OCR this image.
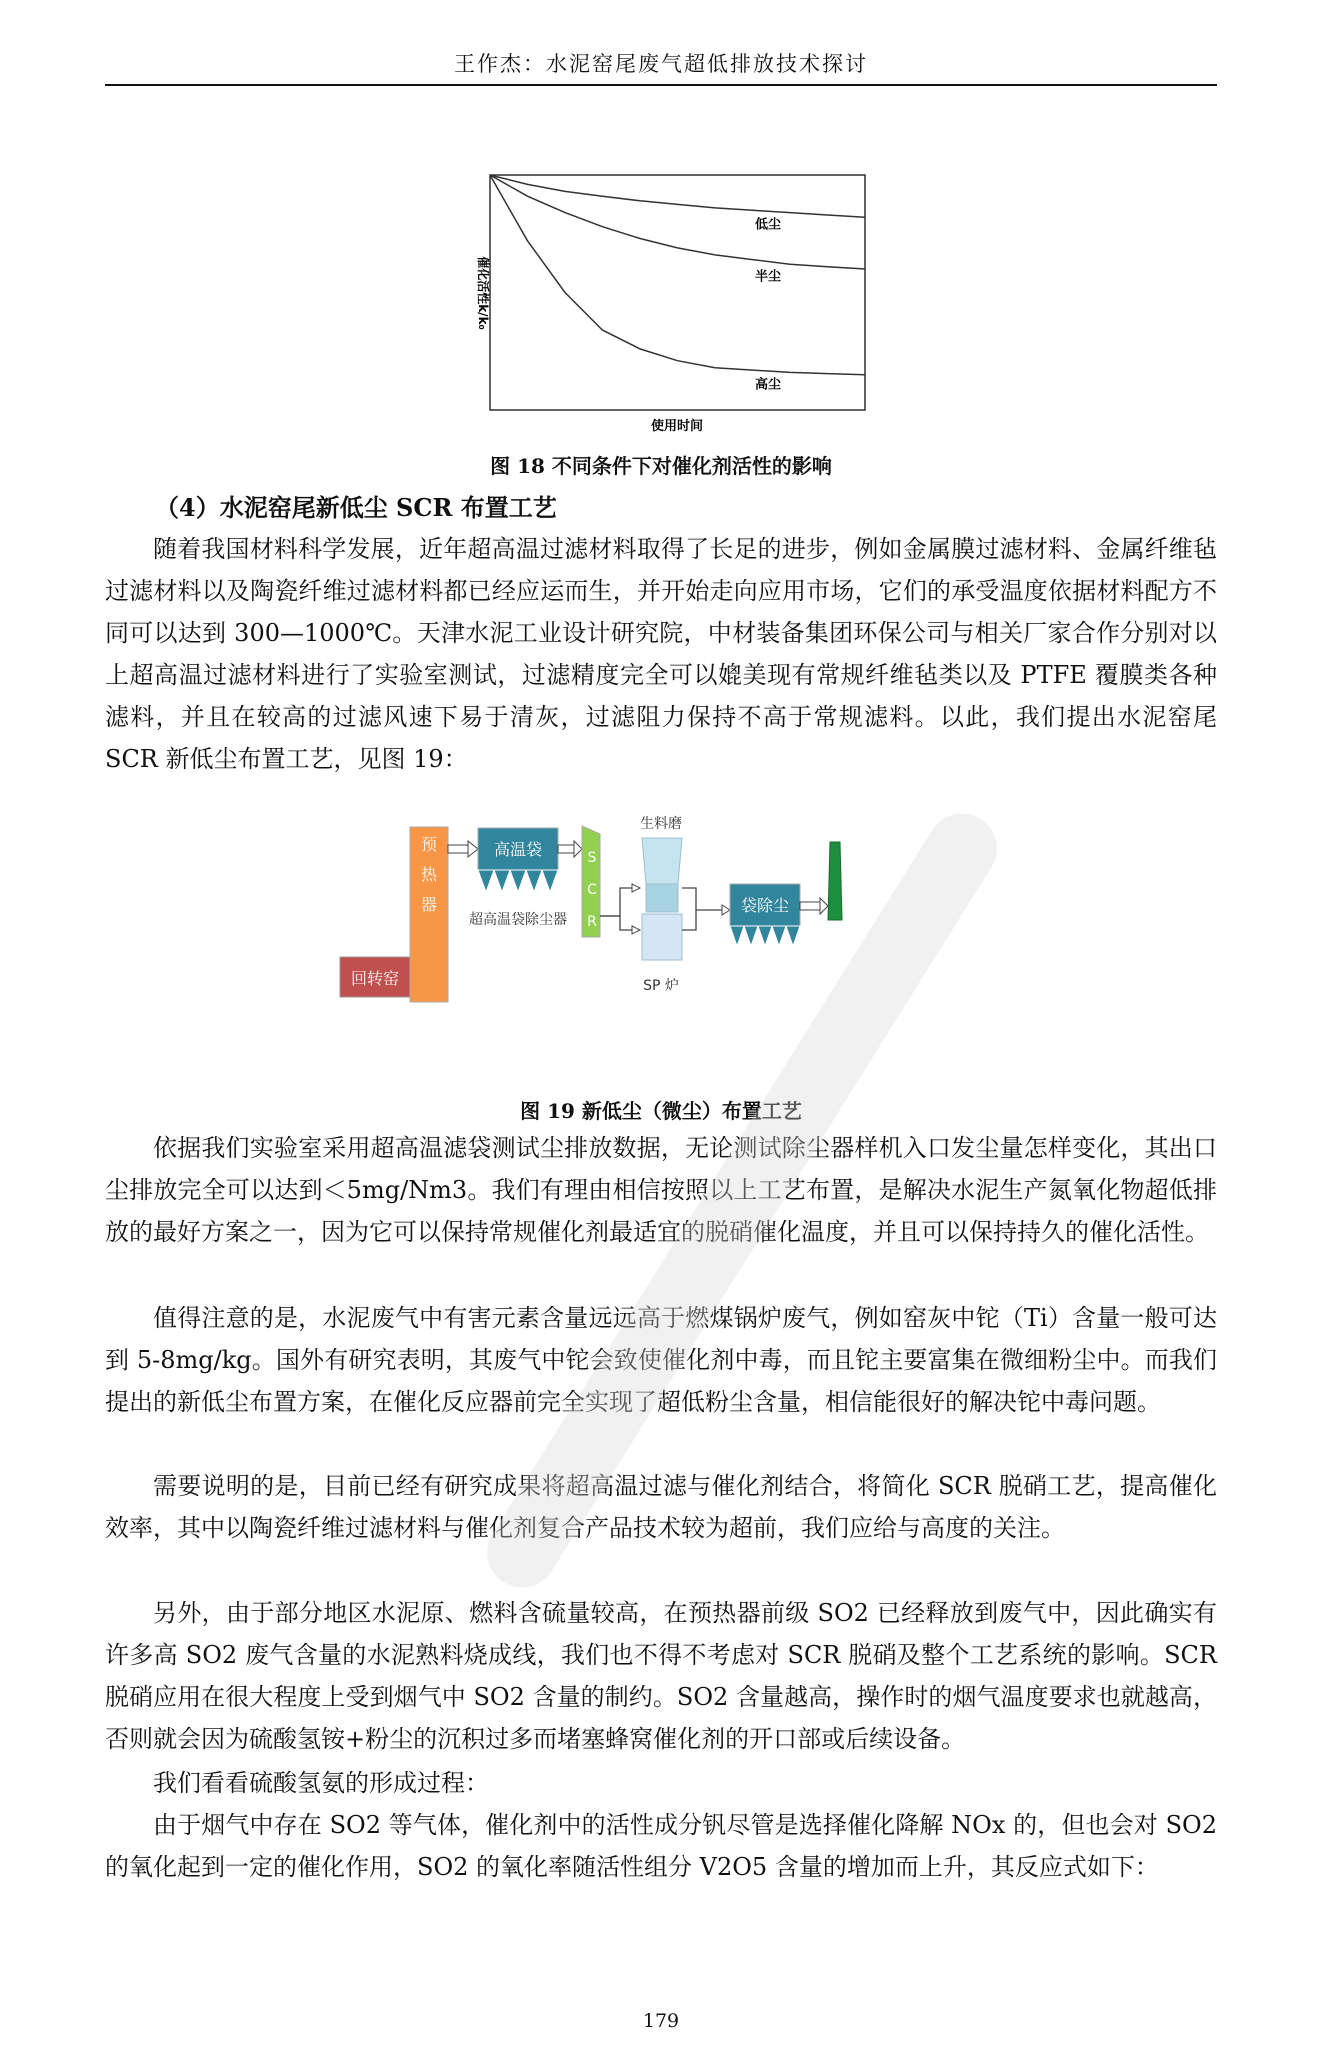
王作杰：水泥窑尾废气超低排放技术探讨
催化活性k/k₀
使用时间
低尘
半尘
高尘
图 18 不同条件下对催化剂活性的影响
（4）水泥窑尾新低尘 SCR 布置工艺

随着我国材料科学发展，近年超高温过滤材料取得了长足的进步，例如金属膜过滤材料、金属纤维毡过滤材料以及陶瓷纤维过滤材料都已经应运而生，并开始走向应用市场，它们的承受温度依据材料配方不同可以达到 300—1000℃。天津水泥工业设计研究院，中材装备集团环保公司与相关厂家合作分别对以上超高温过滤材料进行了实验室测试，过滤精度完全可以媲美现有常规纤维毡类以及 PTFE 覆膜类各种滤料，并且在较高的过滤风速下易于清灰，过滤阻力保持不高于常规滤料。以此，我们提出水泥窑尾 SCR 新低尘布置工艺，见图 19：

回转窑
预
热
器
高温袋
超高温袋除尘器
S
C
R
生料磨
SP 炉
袋除尘
图 19 新低尘（微尘）布置工艺

依据我们实验室采用超高温滤袋测试尘排放数据，无论测试除尘器样机入口发尘量怎样变化，其出口尘排放完全可以达到＜5mg/Nm3。我们有理由相信按照以上工艺布置，是解决水泥生产氮氧化物超低排放的最好方案之一，因为它可以保持常规催化剂最适宜的脱硝催化温度，并且可以保持持久的催化活性。

值得注意的是，水泥废气中有害元素含量远远高于燃煤锅炉废气，例如窑灰中铊（Ti）含量一般可达到 5-8mg/kg。国外有研究表明，其废气中铊会致使催化剂中毒，而且铊主要富集在微细粉尘中。而我们提出的新低尘布置方案，在催化反应器前完全实现了超低粉尘含量，相信能很好的解决铊中毒问题。

需要说明的是，目前已经有研究成果将超高温过滤与催化剂结合，将简化 SCR 脱硝工艺，提高催化效率，其中以陶瓷纤维过滤材料与催化剂复合产品技术较为超前，我们应给与高度的关注。

另外，由于部分地区水泥原、燃料含硫量较高，在预热器前级 SO2 已经释放到废气中，因此确实有许多高 SO2 废气含量的水泥熟料烧成线，我们也不得不考虑对 SCR 脱硝及整个工艺系统的影响。SCR 脱硝应用在很大程度上受到烟气中 SO2 含量的制约。SO2 含量越高，操作时的烟气温度要求也就越高，否则就会因为硫酸氢铵+粉尘的沉积过多而堵塞蜂窝催化剂的开口部或后续设备。

我们看看硫酸氢氨的形成过程：

由于烟气中存在 SO2 等气体，催化剂中的活性成分钒尽管是选择催化降解 NOx 的，但也会对 SO2 的氧化起到一定的催化作用，SO2 的氧化率随活性组分 V2O5 含量的增加而上升，其反应式如下：

179
